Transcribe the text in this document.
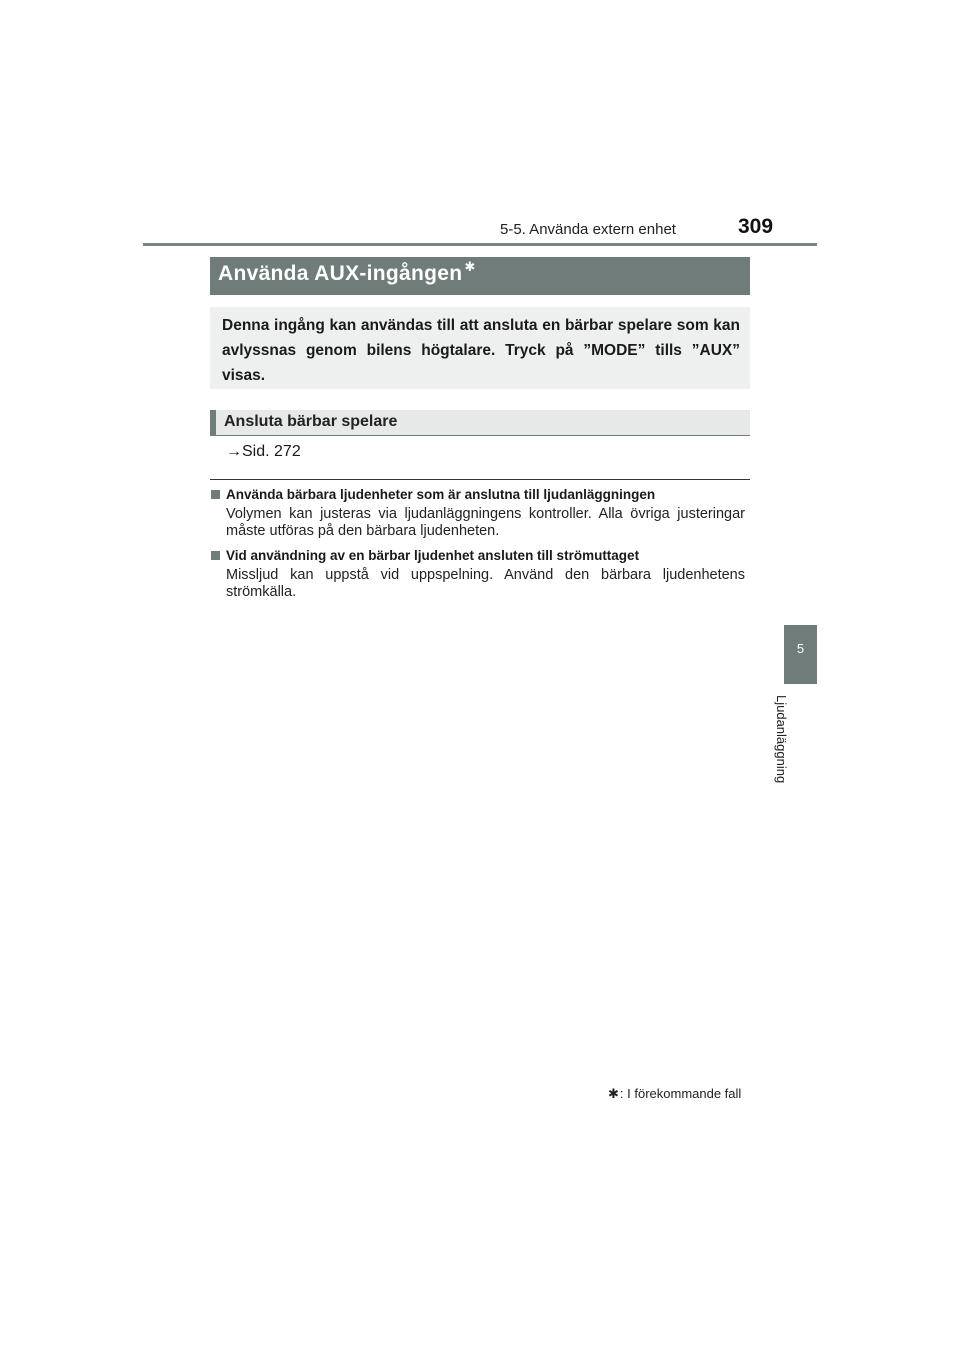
5-5. Använda extern enhet	309
5
Ljudanläggning
Använda AUX-ingången ✱
Denna ingång kan användas till att ansluta en bärbar spelare som kan avlyssnas genom bilens högtalare. Tryck på ”MODE” tills ”AUX” visas.
Ansluta bärbar spelare
→Sid. 272
Använda bärbara ljudenheter som är anslutna till ljudanläggningen
Volymen kan justeras via ljudanläggningens kontroller. Alla övriga justeringar måste utföras på den bärbara ljudenheten.
Vid användning av en bärbar ljudenhet ansluten till strömuttaget
Missljud kan uppstå vid uppspelning. Använd den bärbara ljudenhetens strömkälla.
✱: I förekommande fall
